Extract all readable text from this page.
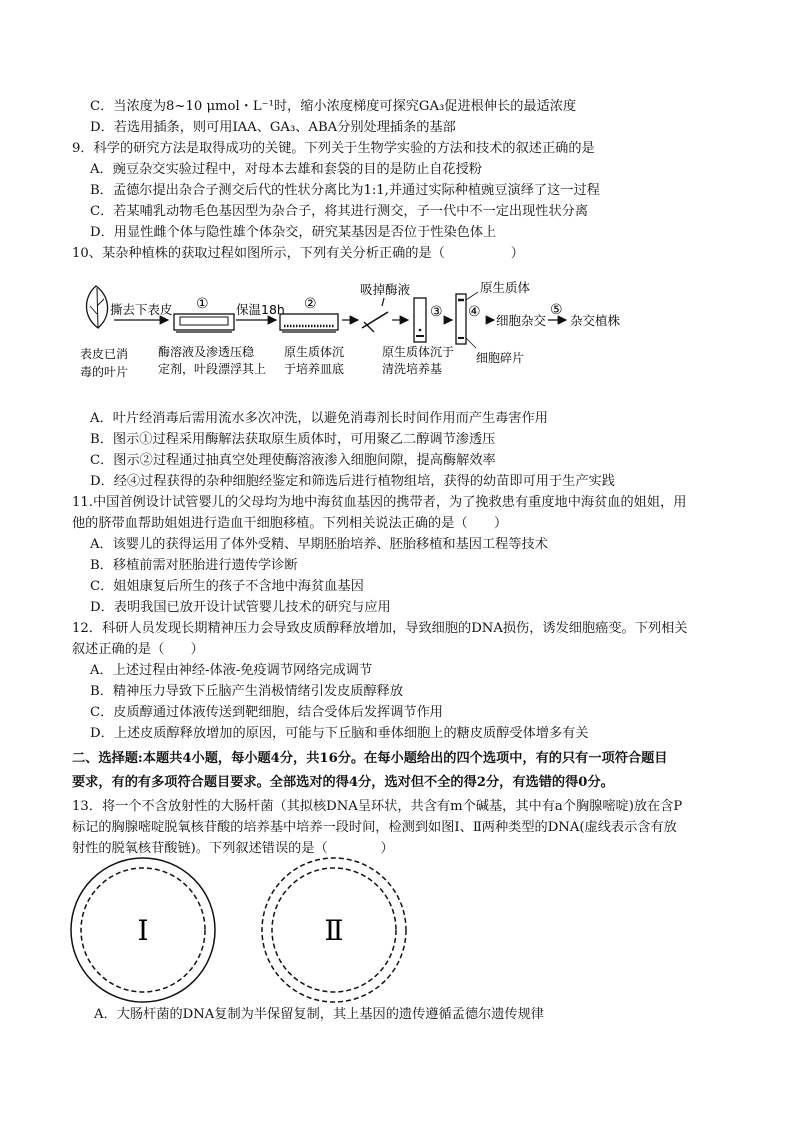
C．当浓度为8~10 μmol・L⁻¹时，缩小浓度梯度可探究GA₃促进根伸长的最适浓度
D．若选用插条，则可用IAA、GA₃、ABA分别处理插条的基部
9．科学的研究方法是取得成功的关键。下列关于生物学实验的方法和技术的叙述正确的是
A．豌豆杂交实验过程中，对母本去雄和套袋的目的是防止自花授粉
B．孟德尔提出杂合子测交后代的性状分离比为1:1,并通过实际种植豌豆演绎了这一过程
C．若某哺乳动物毛色基因型为杂合子，将其进行测交，子一代中不一定出现性状分离
D．用显性雌个体与隐性雄个体杂交，研究某基因是否位于性染色体上
10、某杂种植株的获取过程如图所示，下列有关分析正确的是（　　　　　）
表皮已消
毒的叶片
撕去下表皮 ①
酶溶液及渗透压稳
定剂，叶段漂浮其上
保温18h ②
原生质体沉
于培养皿底
吸掉酶液
③
原生质体沉于
清洗培养基
④
原生质体
细胞碎片
细胞杂交
⑤
杂交植株
A．叶片经消毒后需用流水多次冲洗，以避免消毒剂长时间作用而产生毒害作用
B．图示①过程采用酶解法获取原生质体时，可用聚乙二醇调节渗透压
C．图示②过程通过抽真空处理使酶溶液渗入细胞间隙，提高酶解效率
D．经④过程获得的杂种细胞经鉴定和筛选后进行植物组培，获得的幼苗即可用于生产实践
11.中国首例设计试管婴儿的父母均为地中海贫血基因的携带者，为了挽救患有重度地中海贫血的姐姐，用
他的脐带血帮助姐姐进行造血干细胞移植。下列相关说法正确的是（　　）
A．该婴儿的获得运用了体外受精、早期胚胎培养、胚胎移植和基因工程等技术
B．移植前需对胚胎进行遗传学诊断
C．姐姐康复后所生的孩子不含地中海贫血基因
D．表明我国已放开设计试管婴儿技术的研究与应用
12．科研人员发现长期精神压力会导致皮质醇释放增加，导致细胞的DNA损伤，诱发细胞癌变。下列相关
叙述正确的是（　　）
A．上述过程由神经-体液-免疫调节网络完成调节
B．精神压力导致下丘脑产生消极情绪引发皮质醇释放
C．皮质醇通过体液传送到靶细胞，结合受体后发挥调节作用
D．上述皮质醇释放增加的原因，可能与下丘脑和垂体细胞上的糖皮质醇受体增多有关
二、选择题:本题共4小题，每小题4分，共16分。在每小题给出的四个选项中，有的只有一项符合题目
要求，有的有多项符合题目要求。全部选对的得4分，选对但不全的得2分，有选错的得0分。
13．将一个不含放射性的大肠杆菌（其拟核DNA呈环状，共含有m个碱基，其中有a个胸腺嘧啶)放在含P
标记的胸腺嘧啶脱氧核苷酸的培养基中培养一段时间，检测到如图Ⅰ、Ⅱ两种类型的DNA(虚线表示含有放
射性的脱氧核苷酸链)。下列叙述错误的是（　　　　）
Ⅰ	Ⅱ
A．大肠杆菌的DNA复制为半保留复制，其上基因的遗传遵循孟德尔遗传规律
